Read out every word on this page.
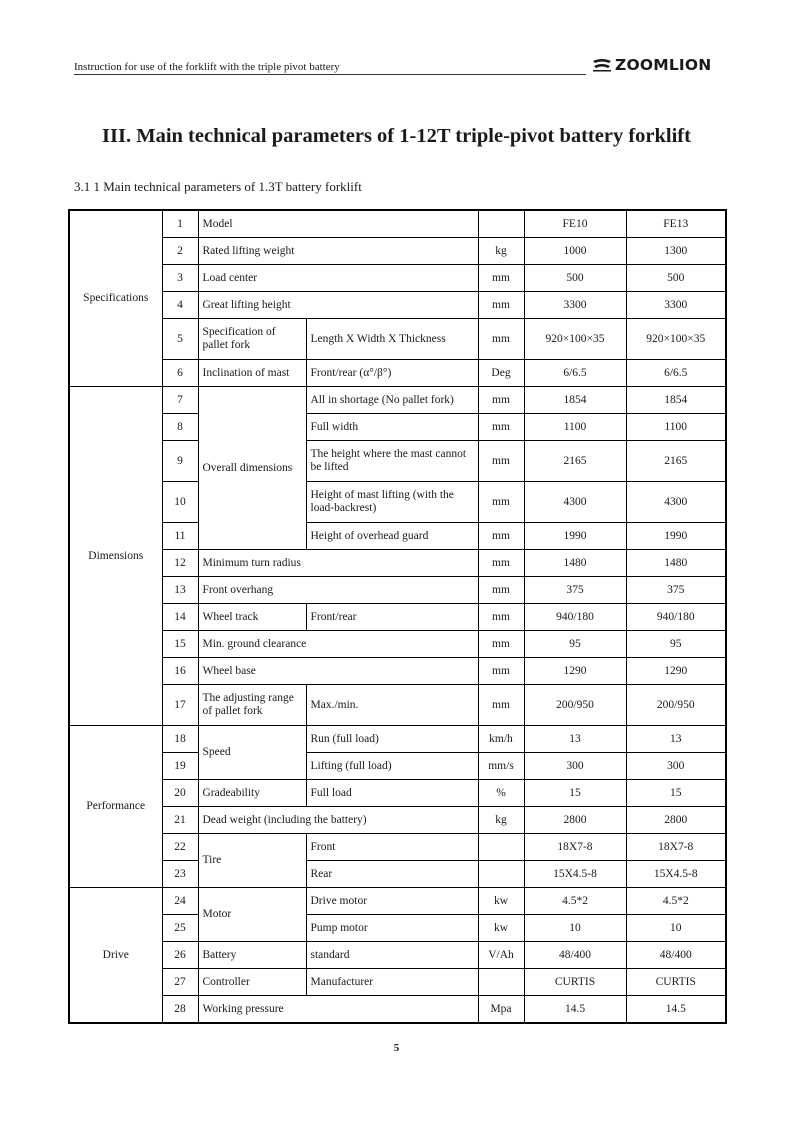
Instruction for use of the forklift with the triple pivot battery	ZOOMLION
III. Main technical parameters of 1-12T triple-pivot battery forklift
3.1 1 Main technical parameters of 1.3T battery forklift
Specifications	1	Model			FE10	FE13
	2	Rated lifting weight		kg	1000	1300
	3	Load center		mm	500	500
	4	Great lifting height		mm	3300	3300
	5	Specification of pallet fork	Length X Width X Thickness	mm	920×100×35	920×100×35
	6	Inclination of mast	Front/rear (α°/β°)	Deg	6/6.5	6/6.5
Dimensions	7	Overall dimensions	All in shortage (No pallet fork)	mm	1854	1854
	8		Full width	mm	1100	1100
	9		The height where the mast cannot be lifted	mm	2165	2165
	10		Height of mast lifting (with the load-backrest)	mm	4300	4300
	11		Height of overhead guard	mm	1990	1990
	12	Minimum turn radius		mm	1480	1480
	13	Front overhang		mm	375	375
	14	Wheel track	Front/rear	mm	940/180	940/180
	15	Min. ground clearance		mm	95	95
	16	Wheel base		mm	1290	1290
	17	The adjusting range of pallet fork	Max./min.	mm	200/950	200/950
Performance	18	Speed	Run (full load)	km/h	13	13
	19		Lifting (full load)	mm/s	300	300
	20	Gradeability	Full load	%	15	15
	21	Dead weight (including the battery)		kg	2800	2800
	22	Tire	Front		18X7-8	18X7-8
	23		Rear		15X4.5-8	15X4.5-8
Drive	24	Motor	Drive motor	kw	4.5*2	4.5*2
	25		Pump motor	kw	10	10
	26	Battery	standard	V/Ah	48/400	48/400
	27	Controller	Manufacturer		CURTIS	CURTIS
	28	Working pressure		Mpa	14.5	14.5
5
